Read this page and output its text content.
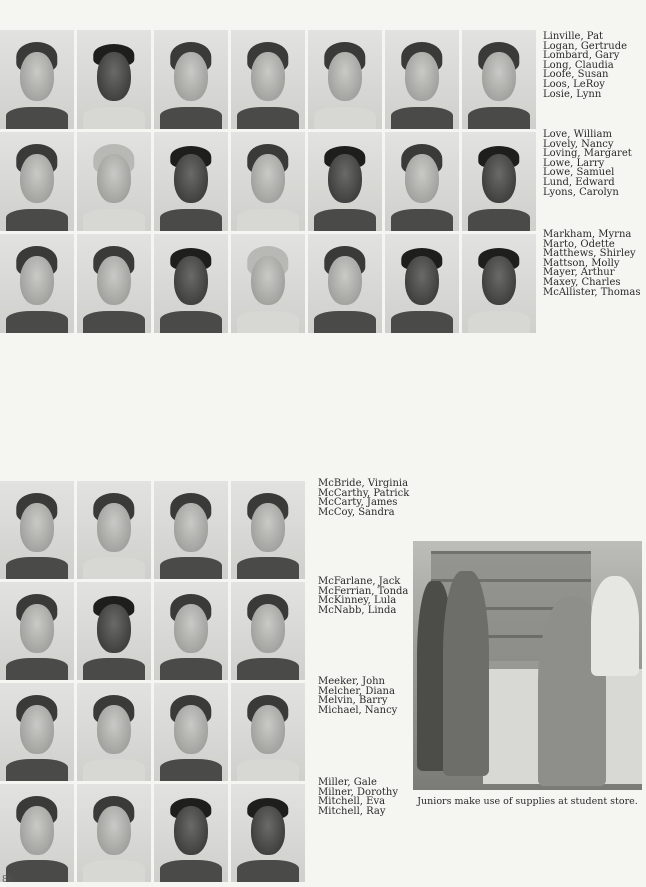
Linville, Pat
Logan, Gertrude
Lombard, Gary
Long, Claudia
Loofe, Susan
Loos, LeRoy
Losie, Lynn
Love, William
Lovely, Nancy
Loving, Margaret
Lowe, Larry
Lowe, Samuel
Lund, Edward
Lyons, Carolyn
Markham, Myrna
Marto, Odette
Matthews, Shirley
Mattson, Molly
Mayer, Arthur
Maxey, Charles
McAllister, Thomas
McBride, Virginia
McCarthy, Patrick
McCarty, James
McCoy, Sandra
McFarlane, Jack
McFerrian, Tonda
McKinney, Lula
McNabb, Linda
Meeker, John
Melcher, Diana
Melvin, Barry
Michael, Nancy
Miller, Gale
Milner, Dorothy
Mitchell, Eva
Mitchell, Ray
Juniors make use of supplies at student store.
86
